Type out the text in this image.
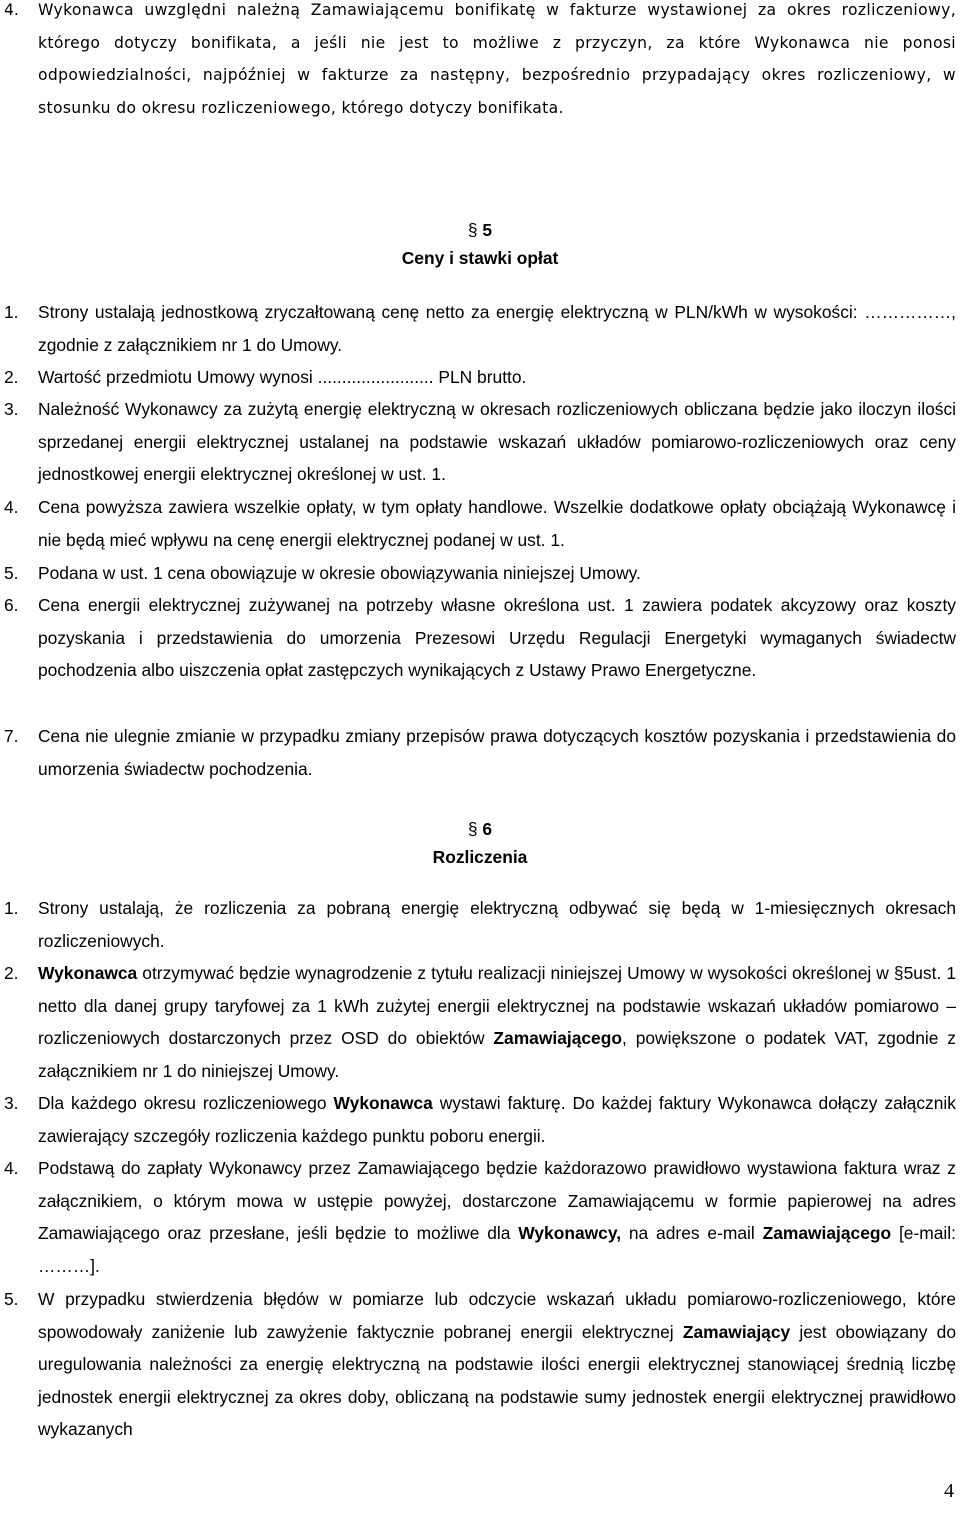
4.	Wykonawca uwzględni należną Zamawiającemu bonifikatę w fakturze wystawionej za okres rozliczeniowy, którego dotyczy bonifikata, a jeśli nie jest to możliwe z przyczyn, za które Wykonawca nie ponosi odpowiedzialności, najpóźniej w fakturze za następny, bezpośrednio przypadający okres rozliczeniowy, w stosunku do okresu rozliczeniowego, którego dotyczy bonifikata.
§ 5
Ceny i stawki opłat
1.	Strony ustalają jednostkową zryczałtowaną cenę netto za energię elektryczną w PLN/kWh w wysokości: ……………, zgodnie z załącznikiem nr 1 do Umowy.
2.	Wartość przedmiotu Umowy wynosi ........................ PLN brutto.
3.	Należność Wykonawcy za zużytą energię elektryczną w okresach rozliczeniowych obliczana będzie jako iloczyn ilości sprzedanej energii elektrycznej ustalanej na podstawie wskazań układów pomiarowo-rozliczeniowych oraz ceny jednostkowej energii elektrycznej określonej w ust. 1.
4.	Cena powyższa zawiera wszelkie opłaty, w tym opłaty handlowe. Wszelkie dodatkowe opłaty obciążają Wykonawcę i nie będą mieć wpływu na cenę energii elektrycznej podanej w ust. 1.
5.	Podana w ust. 1 cena obowiązuje w okresie obowiązywania niniejszej Umowy.
6.	Cena energii elektrycznej zużywanej na potrzeby własne określona ust. 1 zawiera podatek akcyzowy oraz koszty pozyskania i przedstawienia do umorzenia Prezesowi Urzędu Regulacji Energetyki wymaganych świadectw pochodzenia albo uiszczenia opłat zastępczych wynikających z Ustawy Prawo Energetyczne.
7.	Cena nie ulegnie zmianie w przypadku zmiany przepisów prawa dotyczących kosztów pozyskania i przedstawienia do umorzenia świadectw pochodzenia.
§ 6
Rozliczenia
1.	Strony ustalają, że rozliczenia za pobraną energię elektryczną odbywać się będą w 1-miesięcznych okresach rozliczeniowych.
2.	Wykonawca otrzymywać będzie wynagrodzenie z tytułu realizacji niniejszej Umowy w wysokości określonej w §5ust. 1 netto dla danej grupy taryfowej za 1 kWh zużytej energii elektrycznej na podstawie wskazań układów pomiarowo – rozliczeniowych dostarczonych przez OSD do obiektów Zamawiającego, powiększone o podatek VAT, zgodnie z załącznikiem nr 1 do niniejszej Umowy.
3.	Dla każdego okresu rozliczeniowego Wykonawca wystawi fakturę. Do każdej faktury Wykonawca dołączy załącznik zawierający szczegóły rozliczenia każdego punktu poboru energii.
4.	Podstawą do zapłaty Wykonawcy przez Zamawiającego będzie każdorazowo prawidłowo wystawiona faktura wraz z załącznikiem, o którym mowa w ustępie powyżej, dostarczone Zamawiającemu w formie papierowej na adres Zamawiającego oraz przesłane, jeśli będzie to możliwe dla Wykonawcy, na adres e-mail Zamawiającego [e-mail: ………].
5.	W przypadku stwierdzenia błędów w pomiarze lub odczycie wskazań układu pomiarowo-rozliczeniowego, które spowodowały zaniżenie lub zawyżenie faktycznie pobranej energii elektrycznej Zamawiający jest obowiązany do uregulowania należności za energię elektryczną na podstawie ilości energii elektrycznej stanowiącej średnią liczbę jednostek energii elektrycznej za okres doby, obliczaną na podstawie sumy jednostek energii elektrycznej prawidłowo wykazanych
4
